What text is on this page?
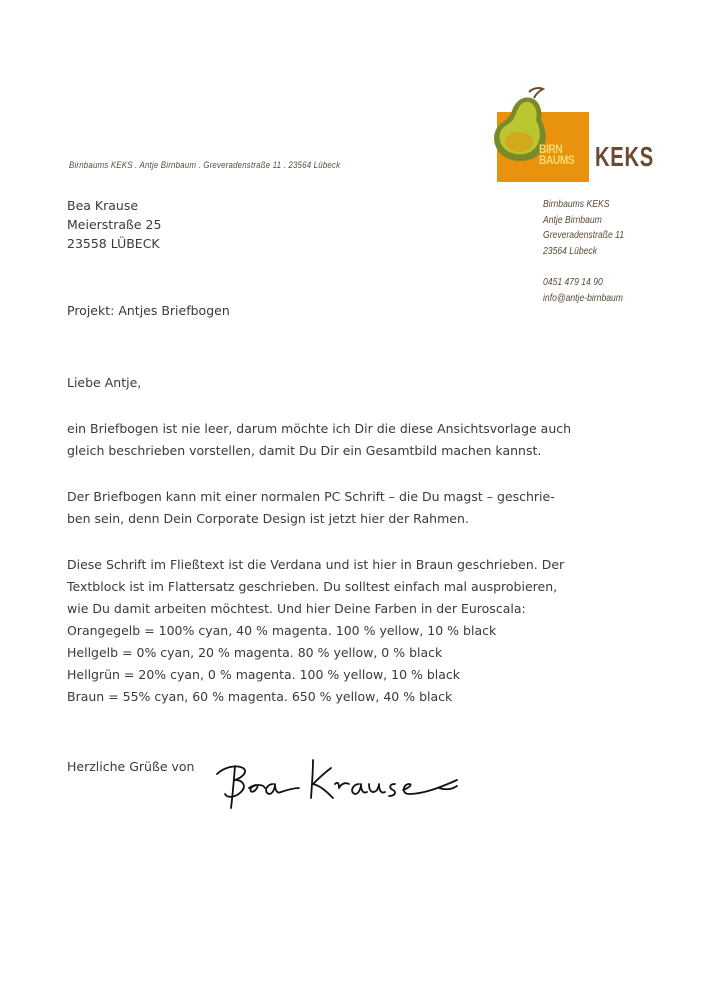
BIRN
BAUMS KEKS
Birnbaums KEKS . Antje Birnbaum . Greveradenstraße 11 . 23564 Lübeck
Birnbaums KEKS
Antje Birnbaum
Greveradenstraße 11
23564 Lübeck
0451 479 14 90
info@antje-birnbaum
Bea Krause
Meierstraße 25
23558 LÜBECK
Projekt: Antjes Briefbogen
Liebe Antje,
ein Briefbogen ist nie leer, darum möchte ich Dir die diese Ansichtsvorlage auch
gleich beschrieben vorstellen, damit Du Dir ein Gesamtbild machen kannst.
Der Briefbogen kann mit einer normalen PC Schrift – die Du magst – geschrie-
ben sein, denn Dein Corporate Design ist jetzt hier der Rahmen.
Diese Schrift im Fließtext ist die Verdana und ist hier in Braun geschrieben. Der
Textblock ist im Flattersatz geschrieben. Du solltest einfach mal ausprobieren,
wie Du damit arbeiten möchtest. Und hier Deine Farben in der Euroscala:
Orangegelb = 100% cyan, 40 % magenta. 100 % yellow, 10 % black
Hellgelb = 0% cyan, 20 % magenta. 80 % yellow, 0 % black
Hellgrün = 20% cyan, 0 % magenta. 100 % yellow, 10 % black
Braun = 55% cyan, 60 % magenta. 650 % yellow, 40 % black
Herzliche Grüße von
